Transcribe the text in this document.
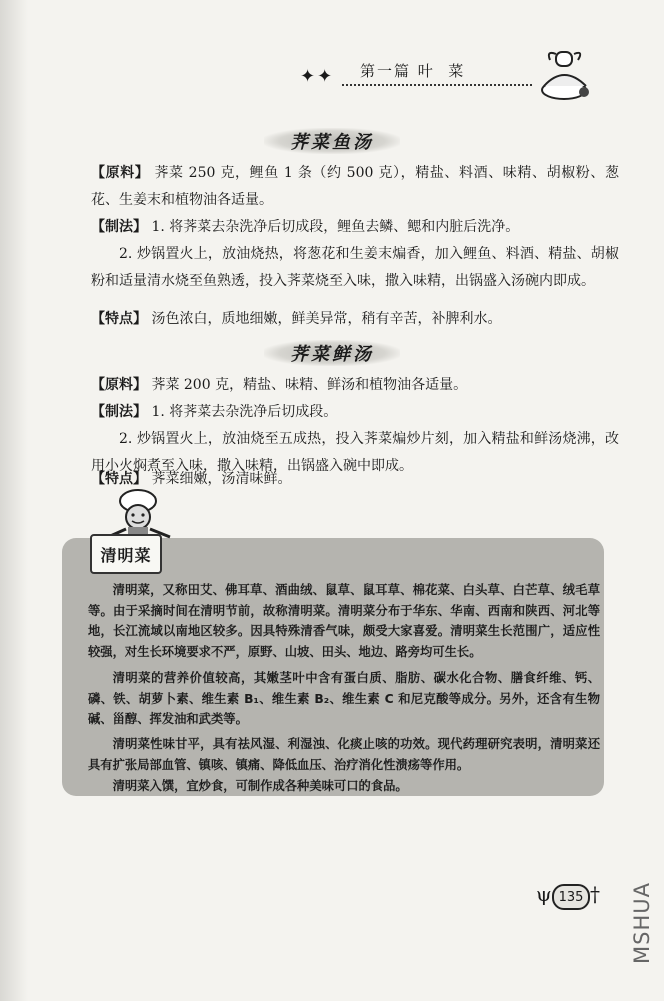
✦✦ 第一篇 叶  菜
荠菜鱼汤
【原料】 荠菜 250 克，鲤鱼 1 条（约 500 克），精盐、料酒、味精、胡椒粉、葱花、生姜末和植物油各适量。
【制法】 1. 将荠菜去杂洗净后切成段，鲤鱼去鳞、鳃和内脏后洗净。
2. 炒锅置火上，放油烧热，将葱花和生姜末煸香，加入鲤鱼、料酒、精盐、胡椒粉和适量清水烧至鱼熟透，投入荠菜烧至入味，撒入味精，出锅盛入汤碗内即成。
【特点】 汤色浓白，质地细嫩，鲜美异常，稍有辛苦，补脾利水。
荠菜鲜汤
【原料】 荠菜 200 克，精盐、味精、鲜汤和植物油各适量。
【制法】 1. 将荠菜去杂洗净后切成段。
2. 炒锅置火上，放油烧至五成热，投入荠菜煸炒片刻，加入精盐和鲜汤烧沸，改用小火焖煮至入味，撒入味精，出锅盛入碗中即成。
【特点】 荠菜细嫩，汤清味鲜。
清明菜
清明菜，又称田艾、佛耳草、酒曲绒、鼠草、鼠耳草、棉花菜、白头草、白芒草、绒毛草等。由于采摘时间在清明节前，故称清明菜。清明菜分布于华东、华南、西南和陕西、河北等地，长江流域以南地区较多。因具特殊清香气味，颇受大家喜爱。清明菜生长范围广，适应性较强，对生长环境要求不严，原野、山坡、田头、地边、路旁均可生长。
清明菜的营养价值较高，其嫩茎叶中含有蛋白质、脂肪、碳水化合物、膳食纤维、钙、磷、铁、胡萝卜素、维生素 B₁、维生素 B₂、维生素 C 和尼克酸等成分。另外，还含有生物碱、甾醇、挥发油和武类等。
清明菜性味甘平，具有祛风湿、利湿浊、化痰止咳的功效。现代药理研究表明，清明菜还具有扩张局部血管、镇咳、镇痛、降低血压、治疗消化性溃疡等作用。
清明菜入馔，宜炒食，可制作成各种美味可口的食品。
ψ 135 † MSHUA
